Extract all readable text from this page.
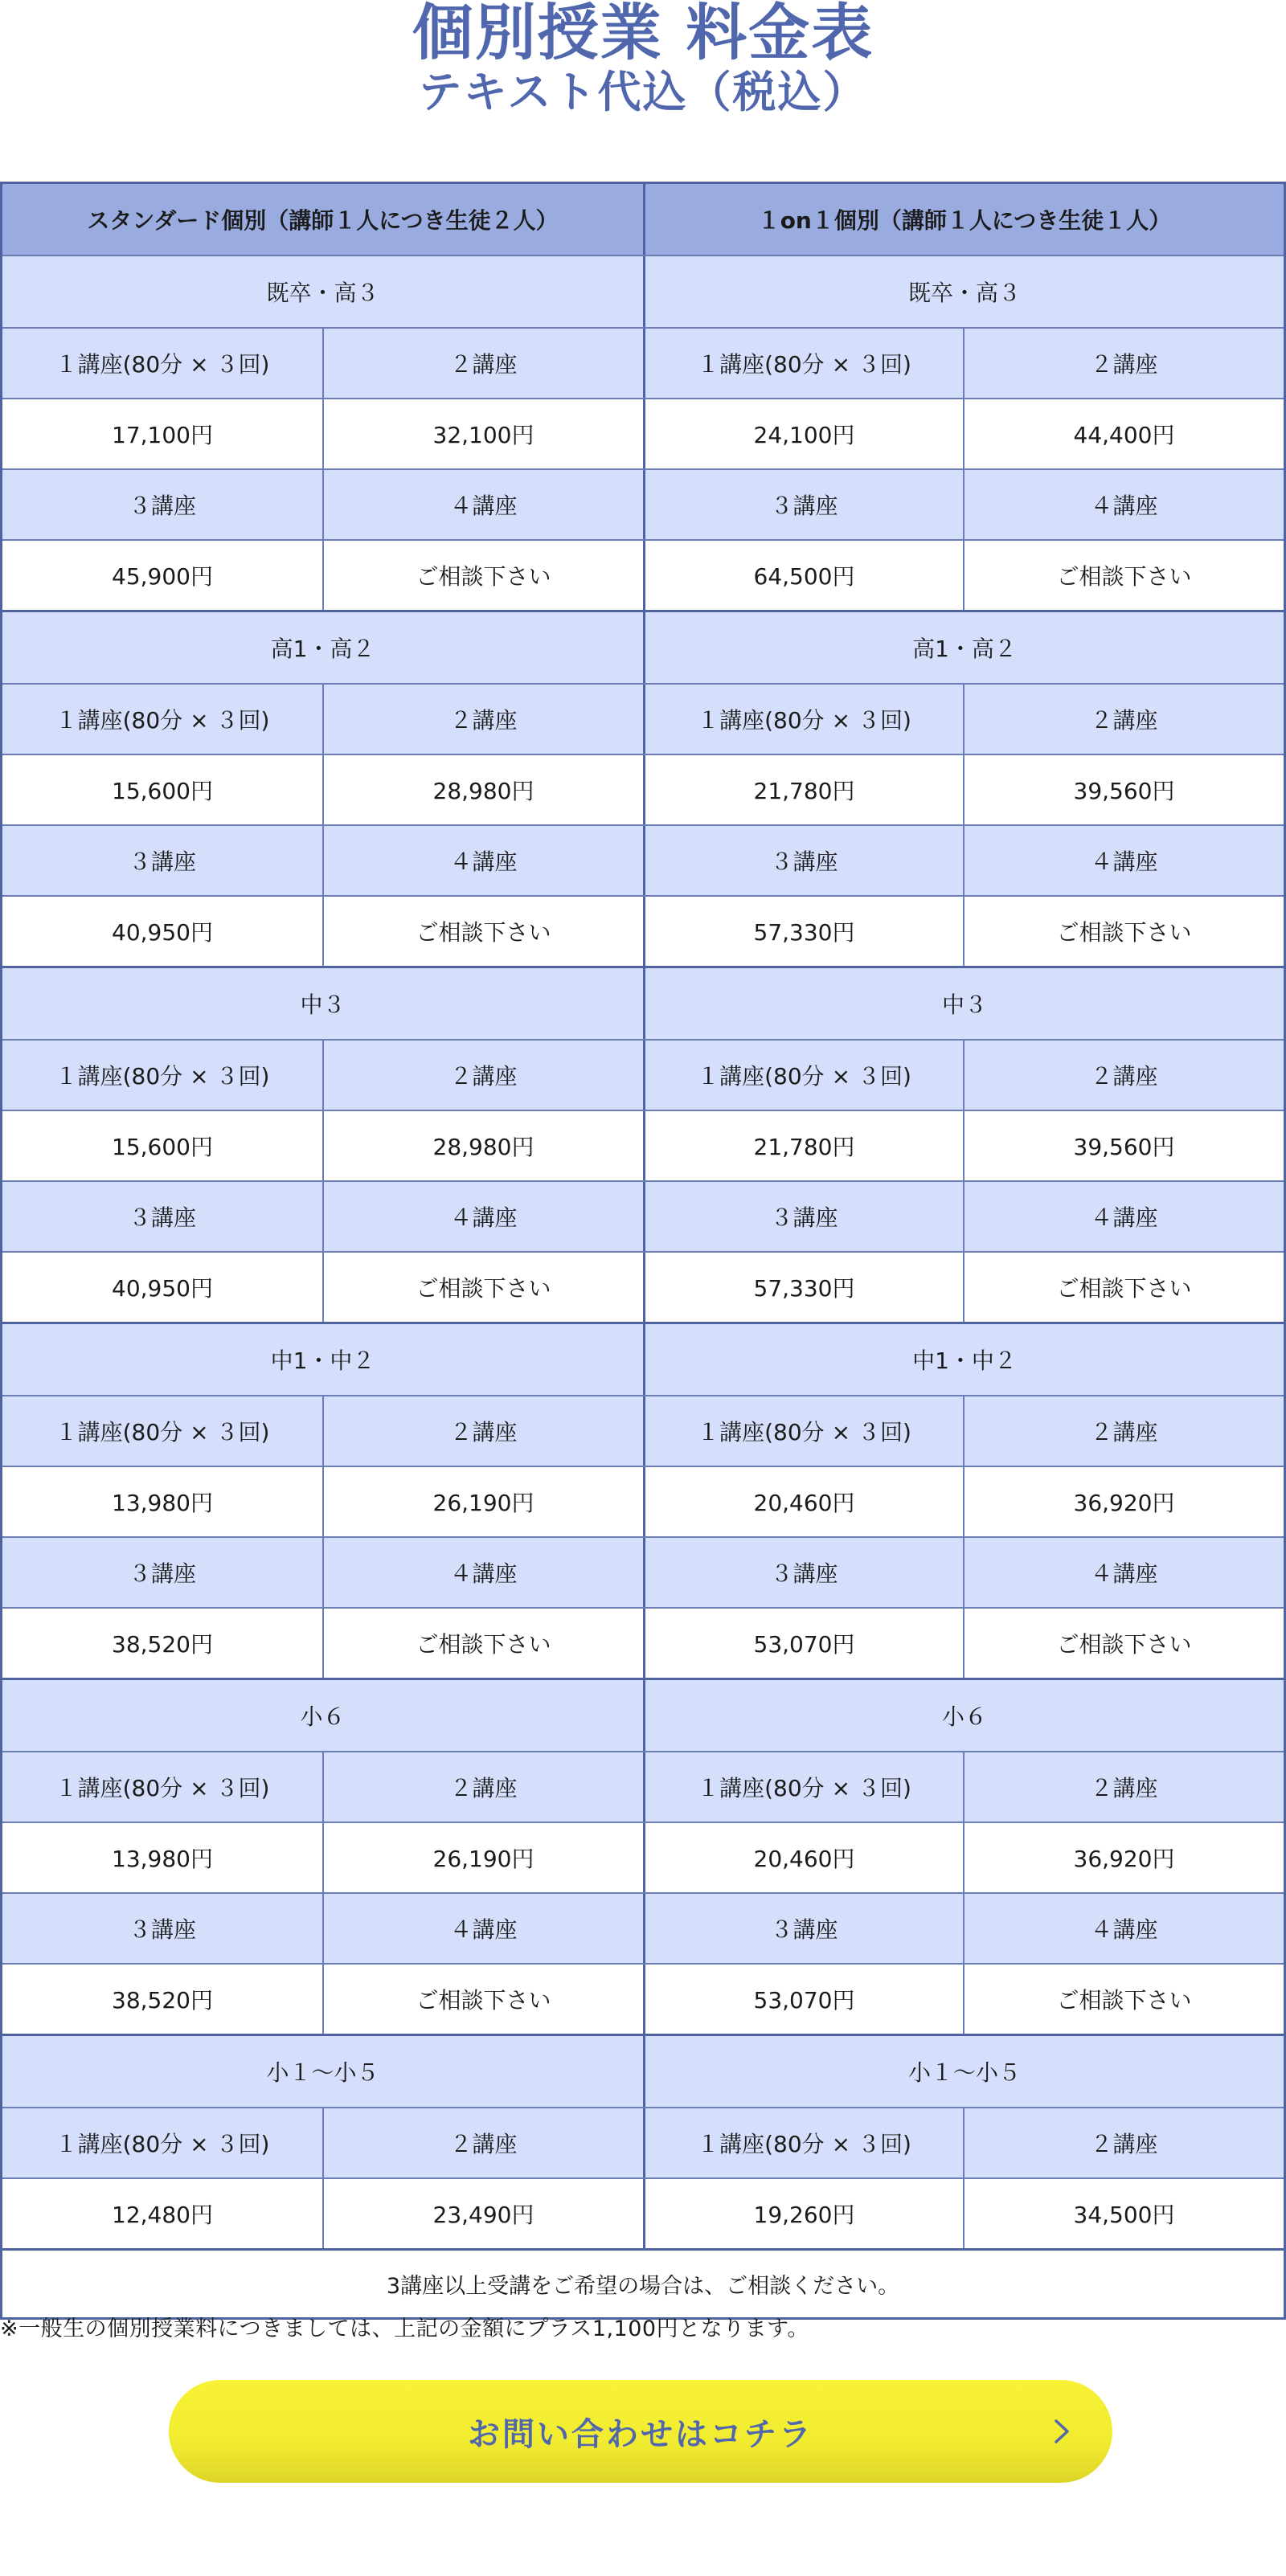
個別授業 料金表
テキスト代込（税込）
スタンダード個別（講師１人につき生徒２人）	１on１個別（講師１人につき生徒１人）
既卒・高３	既卒・高３
１講座(80分 × ３回)	２講座	１講座(80分 × ３回)	２講座
17,100円	32,100円	24,100円	44,400円
３講座	４講座	３講座	４講座
45,900円	ご相談下さい	64,500円	ご相談下さい
高1・高２	高1・高２
１講座(80分 × ３回)	２講座	１講座(80分 × ３回)	２講座
15,600円	28,980円	21,780円	39,560円
３講座	４講座	３講座	４講座
40,950円	ご相談下さい	57,330円	ご相談下さい
中３	中３
１講座(80分 × ３回)	２講座	１講座(80分 × ３回)	２講座
15,600円	28,980円	21,780円	39,560円
３講座	４講座	３講座	４講座
40,950円	ご相談下さい	57,330円	ご相談下さい
中1・中２	中1・中２
１講座(80分 × ３回)	２講座	１講座(80分 × ３回)	２講座
13,980円	26,190円	20,460円	36,920円
３講座	４講座	３講座	４講座
38,520円	ご相談下さい	53,070円	ご相談下さい
小６	小６
１講座(80分 × ３回)	２講座	１講座(80分 × ３回)	２講座
13,980円	26,190円	20,460円	36,920円
３講座	４講座	３講座	４講座
38,520円	ご相談下さい	53,070円	ご相談下さい
小１～小５	小１～小５
１講座(80分 × ３回)	２講座	１講座(80分 × ３回)	２講座
12,480円	23,490円	19,260円	34,500円
3講座以上受講をご希望の場合は、ご相談ください。
※一般生の個別授業料につきましては、上記の金額にプラス1,100円となります。
お問い合わせはコチラ
